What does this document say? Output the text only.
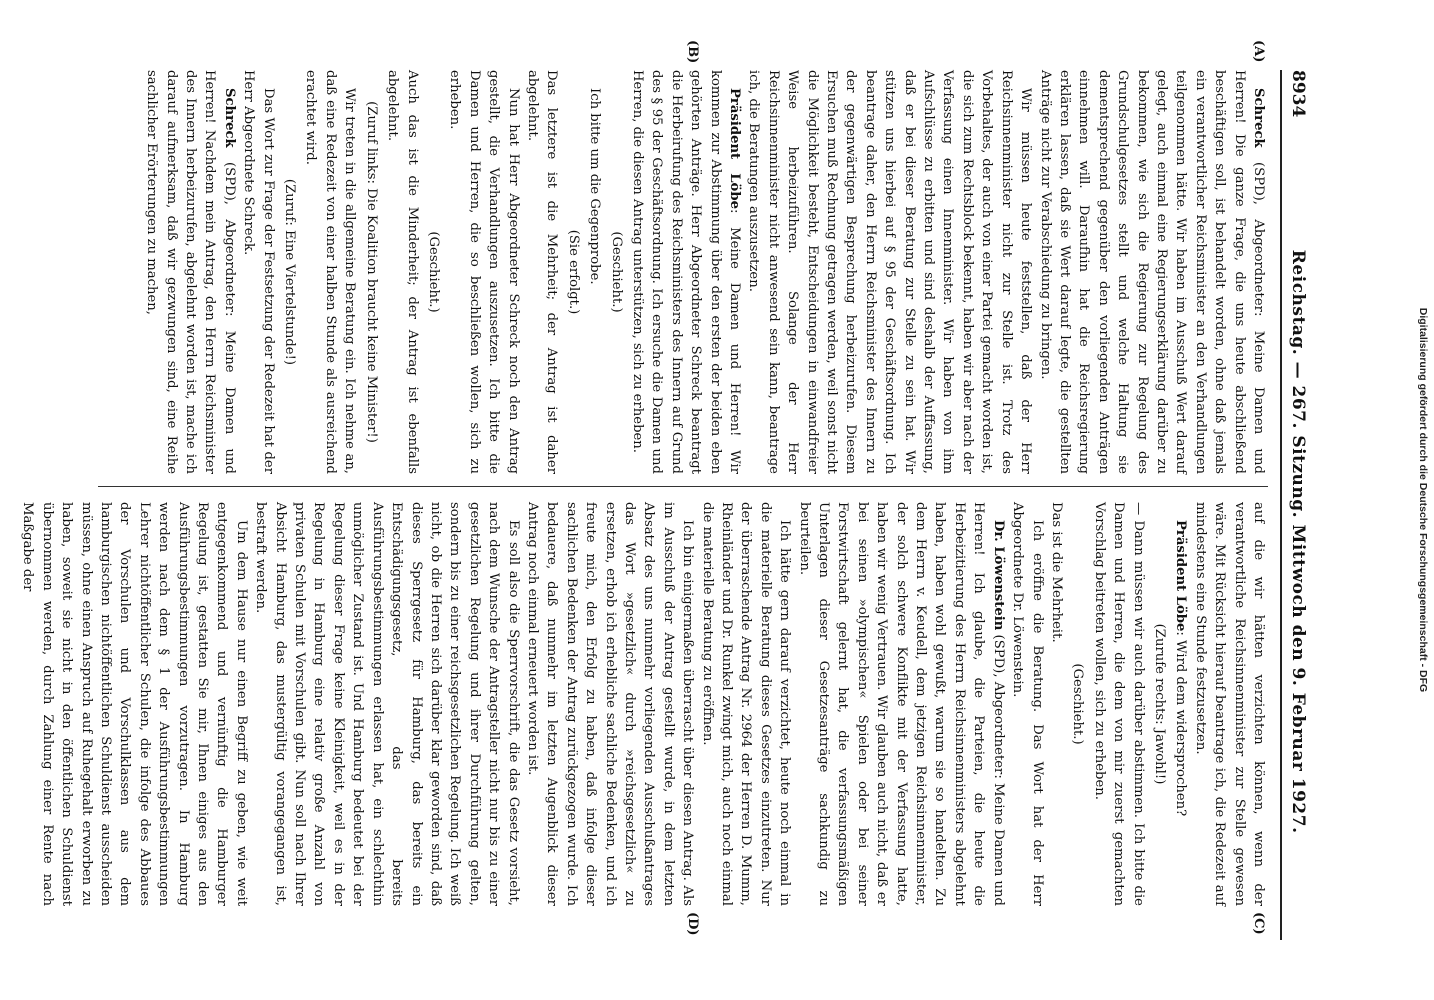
8934
Reichstag. — 267. Sitzung. Mittwoch den 9. Februar 1927.

Schreck (SPD), Abgeordneter: Meine Damen und Herren! Die ganze Frage, die uns heute abschließend beschäftigen soll, ist behandelt worden, ohne daß jemals ein verantwortlicher Reichsminister an den Verhandlungen teilgenommen hätte. Wir haben im Ausschuß Wert darauf gelegt, auch einmal eine Regierungserklärung darüber zu bekommen, wie sich die Regierung zur Regelung des Grundschulgesetzes stellt und welche Haltung sie dementsprechend gegenüber den vorliegenden Anträgen einnehmen will. Daraufhin hat die Reichsregierung erklären lassen, daß sie Wert darauf legte, die gestellten Anträge nicht zur Verabschiedung zu bringen.

Wir müssen heute feststellen, daß der Herr Reichsinnenminister nicht zur Stelle ist. Trotz des Vorbehaltes, der auch von einer Partei gemacht worden ist, die sich zum Rechtsblock bekennt, haben wir aber nach der Verfassung einen Innenminister. Wir haben von ihm Aufschlüsse zu erbitten und sind deshalb der Auffassung, daß er bei dieser Beratung zur Stelle zu sein hat. Wir stützen uns hierbei auf § 95 der Geschäftsordnung. Ich beantrage daher, den Herrn Reichsminister des Innern zu der gegenwärtigen Besprechung herbeizurufen. Diesem Ersuchen muß Rechnung getragen werden, weil sonst nicht die Möglichkeit besteht, Entscheidungen in einwandfreier Weise herbeizuführen. Solange der Herr Reichsinnenminister nicht anwesend sein kann, beantrage ich, die Beratungen auszusetzen.

Präsident Löbe: Meine Damen und Herren! Wir kommen zur Abstimmung über den ersten der beiden eben gehörten Anträge. Herr Abgeordneter Schreck beantragt die Herbeirufung des Reichsministers des Innern auf Grund des § 95 der Geschäftsordnung. Ich ersuche die Damen und Herren, die diesen Antrag unterstützen, sich zu erheben.

(Geschieht.)

Ich bitte um die Gegenprobe.

(Sie erfolgt.)

Das letztere ist die Mehrheit; der Antrag ist daher abgelehnt.

Nun hat Herr Abgeordneter Schreck noch den Antrag gestellt, die Verhandlungen auszusetzen. Ich bitte die Damen und Herren, die so beschließen wollen, sich zu erheben.

(Geschieht.)

Auch das ist die Minderheit; der Antrag ist ebenfalls abgelehnt.

(Zuruf links: Die Koalition braucht keine Minister!)

Wir treten in die allgemeine Beratung ein. Ich nehme an, daß eine Redezeit von einer halben Stunde als ausreichend erachtet wird.

(Zuruf: Eine Viertelstunde!)

Das Wort zur Frage der Festsetzung der Redezeit hat der Herr Abgeordnete Schreck.

Schreck (SPD), Abgeordneter: Meine Damen und Herren! Nachdem mein Antrag, den Herrn Reichsminister des Innern herbeizurufen, abgelehnt worden ist, mache ich darauf aufmerksam, daß wir gezwungen sind, eine Reihe sachlicher Erörterungen zu machen,

auf die wir hätten verzichten können, wenn der verantwortliche Reichsinnenminister zur Stelle gewesen wäre. Mit Rücksicht hierauf beantrage ich, die Redezeit auf mindestens eine Stunde festzusetzen.

Präsident Löbe: Wird dem widersprochen?

(Zurufe rechts: Jawohl!)

— Dann müssen wir auch darüber abstimmen. Ich bitte die Damen und Herren, die dem von mir zuerst gemachten Vorschlag beitreten wollen, sich zu erheben.

(Geschieht.)

Das ist die Mehrheit.

Ich eröffne die Beratung. Das Wort hat der Herr Abgeordnete Dr. Löwenstein.

Dr. Löwenstein (SPD), Abgeordneter: Meine Damen und Herren! Ich glaube, die Parteien, die heute die Herbeizitierung des Herrn Reichsinnenministers abgelehnt haben, haben wohl gewußt, warum sie so handelten. Zu dem Herrn v. Keudell, dem jetzigen Reichsinnenminister, der solch schwere Konflikte mit der Verfassung hatte, haben wir wenig Vertrauen. Wir glauben auch nicht, daß er bei seinen »olympischen« Spielen oder bei seiner Forstwirtschaft gelernt hat, die verfassungsmäßigen Unterlagen dieser Gesetzesanträge sachkundig zu beurteilen.

Ich hätte gern darauf verzichtet, heute noch einmal in die materielle Beratung dieses Gesetzes einzutreten. Nur der überraschende Antrag Nr. 2964 der Herren D. Mumm, Rheinländer und Dr. Runkel zwingt mich, auch noch einmal die materielle Beratung zu eröffnen.

Ich bin einigermaßen überrascht über diesen Antrag. Als im Ausschuß der Antrag gestellt wurde, in dem letzten Absatz des uns nunmehr vorliegenden Ausschußantrages das Wort »gesetzlich« durch »reichsgesetzlich« zu ersetzen, erhob ich erhebliche sachliche Bedenken, und ich freute mich, den Erfolg zu haben, daß infolge dieser sachlichen Bedenken der Antrag zurückgezogen wurde. Ich bedauere, daß nunmehr im letzten Augenblick dieser Antrag noch einmal erneuert worden ist.

Es soll also die Sperrvorschrift, die das Gesetz vorsieht, nach dem Wunsche der Antragsteller nicht nur bis zu einer gesetzlichen Regelung und ihrer Durchführung gelten, sondern bis zu einer reichsgesetzlichen Regelung. Ich weiß nicht, ob die Herren sich darüber klar geworden sind, daß dieses Sperrgesetz für Hamburg, das bereits ein Entschädigungsgesetz, das bereits Ausführungsbestimmungen erlassen hat, ein schlechthin unmöglicher Zustand ist. Und Hamburg bedeutet bei der Regelung dieser Frage keine Kleinigkeit, weil es in der Regelung in Hamburg eine relativ große Anzahl von privaten Schulen mit Vorschulen gibt. Nun soll nach Ihrer Absicht Hamburg, das mustergültig vorangegangen ist, bestraft werden.

Um dem Hause nur einen Begriff zu geben, wie weit entgegenkommend und vernünftig die Hamburger Regelung ist, gestatten Sie mir, Ihnen einiges aus den Ausführungsbestimmungen vorzutragen. In Hamburg werden nach dem § 1 der Ausführungsbestimmungen Lehrer nichtöffentlicher Schulen, die infolge des Abbaues der Vorschulen und Vorschulklassen aus dem hamburgischen nichtöffentlichen Schuldienst ausscheiden müssen, ohne einen Anspruch auf Ruhegehalt erworben zu haben, soweit sie nicht in den öffentlichen Schuldienst übernommen werden, durch Zahlung einer Rente nach Maßgabe der

(A)
(B)
(C)
(D)
Digitalisierung gefördert durch die Deutsche Forschungsgemeinschaft - DFG
